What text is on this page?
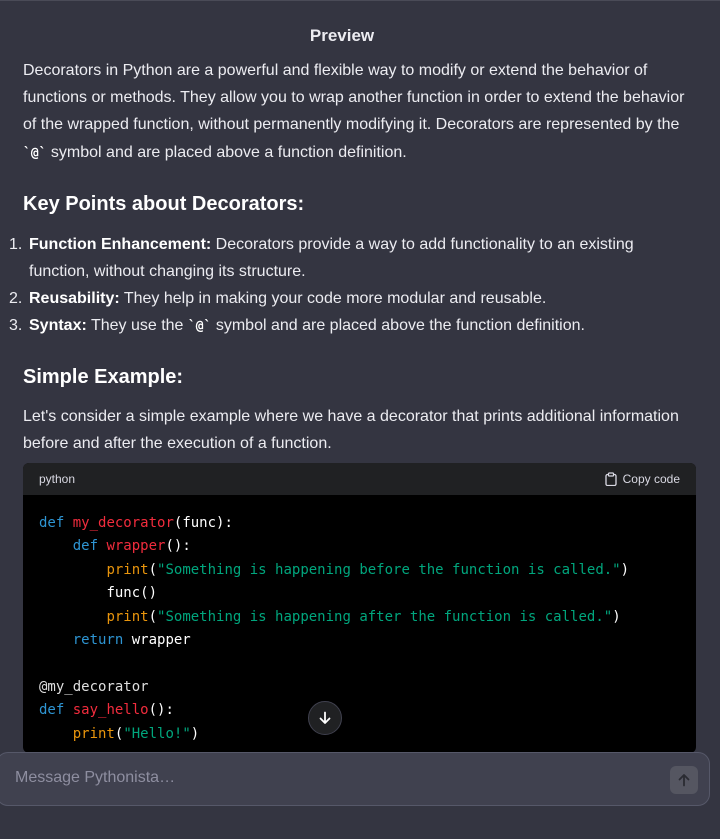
Preview

Decorators in Python are a powerful and flexible way to modify or extend the behavior of functions or methods. They allow you to wrap another function in order to extend the behavior of the wrapped function, without permanently modifying it. Decorators are represented by the `@` symbol and are placed above a function definition.

Key Points about Decorators:
1. Function Enhancement: Decorators provide a way to add functionality to an existing function, without changing its structure.
2. Reusability: They help in making your code more modular and reusable.
3. Syntax: They use the `@` symbol and are placed above the function definition.
Simple Example:

Let's consider a simple example where we have a decorator that prints additional information before and after the execution of a function.

python	Copy code
def my_decorator(func):
def wrapper():
print("Something is happening before the function is called.")
func()
print("Something is happening after the function is called.")
return wrapper

@my_decorator
def say_hello():
print("Hello!")
Message Pythonista…
